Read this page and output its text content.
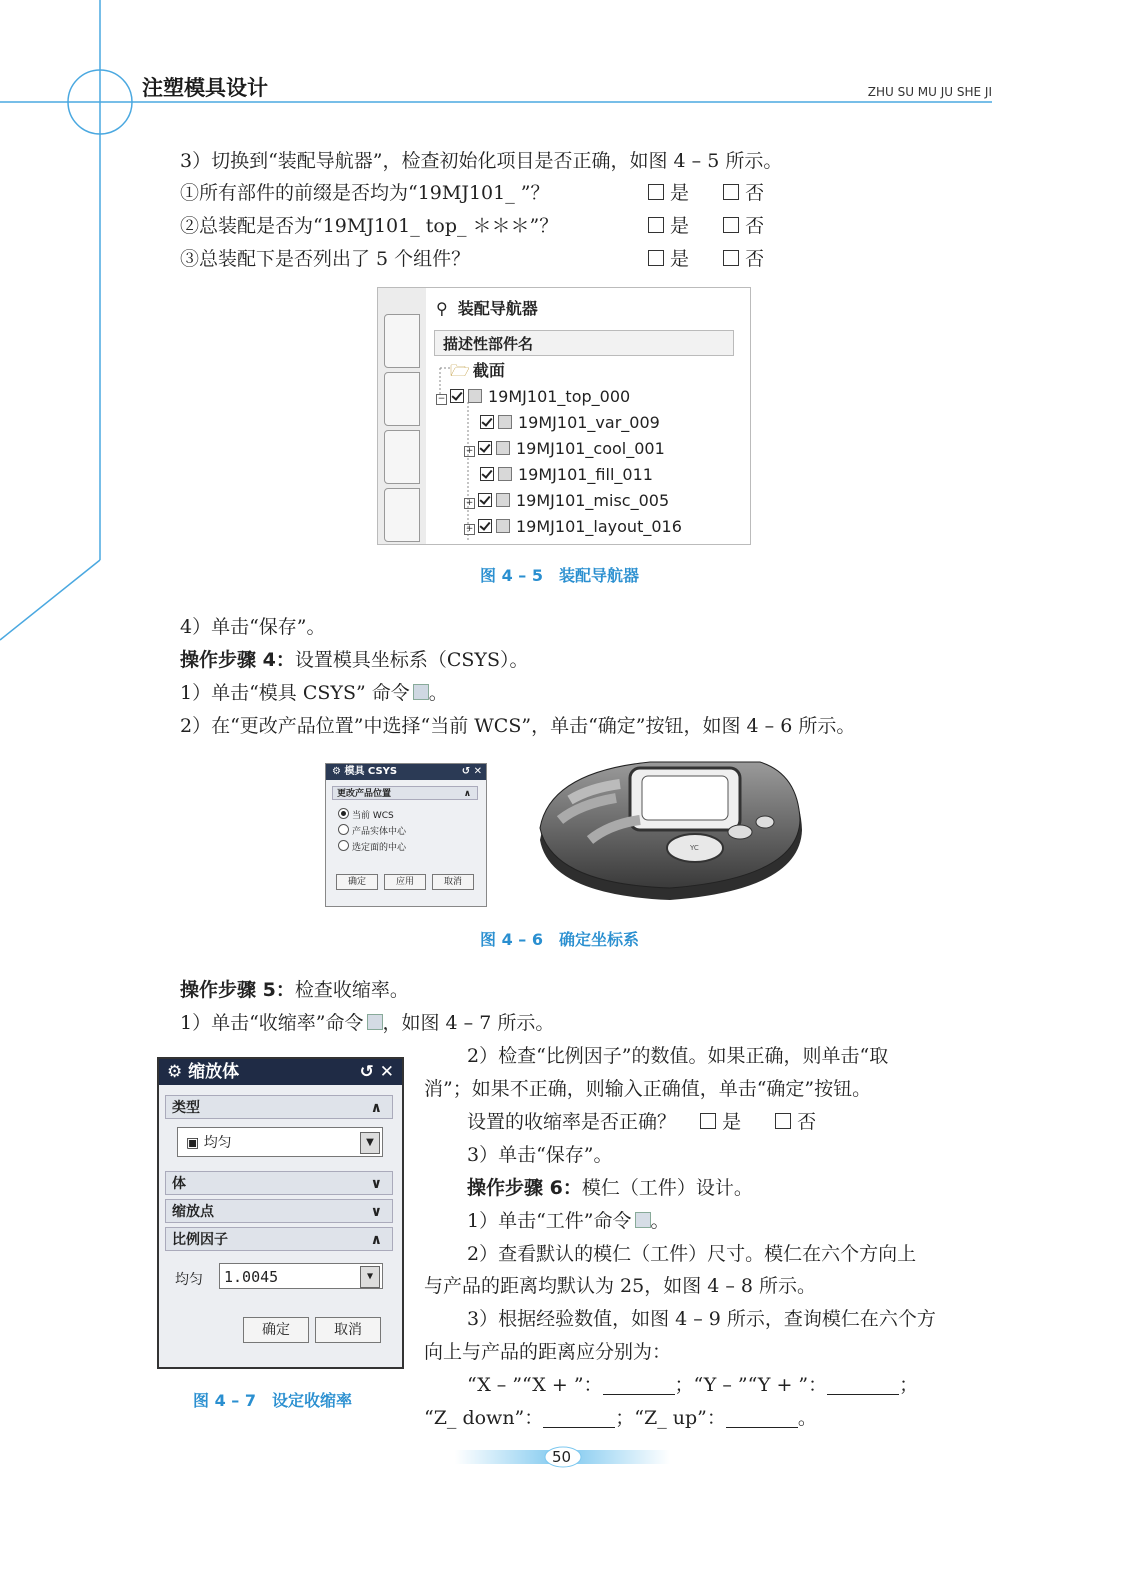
注塑模具设计	ZHU SU MU JU SHE JI
3）切换到“装配导航器”，检查初始化项目是否正确，如图 4 – 5 所示。
①所有部件的前缀是否均为“19MJ101_ ”？	是	否
②总装配是否为“19MJ101_ top_ ＊＊＊”？	是	否
③总装配下是否列出了 5 个组件？	是	否
⚲ 装配导航器
描述性部件名
🗁 截面
−	19MJ101_top_000
19MJ101_var_009
+	19MJ101_cool_001
19MJ101_fill_011
+	19MJ101_misc_005
+	19MJ101_layout_016
图 4 – 5　装配导航器
4）单击“保存”。
操作步骤 4：设置模具坐标系（CSYS）。
1）单击“模具 CSYS” 命令 。
2）在“更改产品位置”中选择“当前 WCS”，单击“确定”按钮，如图 4 – 6 所示。
⚙ 模具 CSYS	↺ ✕
更改产品位置	∧
当前 WCS
产品实体中心
选定面的中心
确定	应用	取消
YC
图 4 – 6　确定坐标系
操作步骤 5：检查收缩率。
1）单击“收缩率”命令 ，如图 4 – 7 所示。
⚙ 缩放体	↺ ✕
类型	∧
▣ 均匀	▼
体	∨
缩放点	∨
比例因子	∧
均匀	1.0045	▼
确定	取消
图 4 – 7　设定收缩率
2）检查“比例因子”的数值。如果正确，则单击“取
消”；如果不正确，则输入正确值，单击“确定”按钮。
设置的收缩率是否正确？ 是	否
3）单击“保存”。
操作步骤 6：模仁（工件）设计。
1）单击“工件”命令 。
2）查看默认的模仁（工件）尺寸。模仁在六个方向上
与产品的距离均默认为 25，如图 4 – 8 所示。
3）根据经验数值，如图 4 – 9 所示，查询模仁在六个方
向上与产品的距离应分别为：
“X – ”“X + ”：	；“Y – ”“Y + ”：	；
“Z_ down”：	；“Z_ up”：	。
50
